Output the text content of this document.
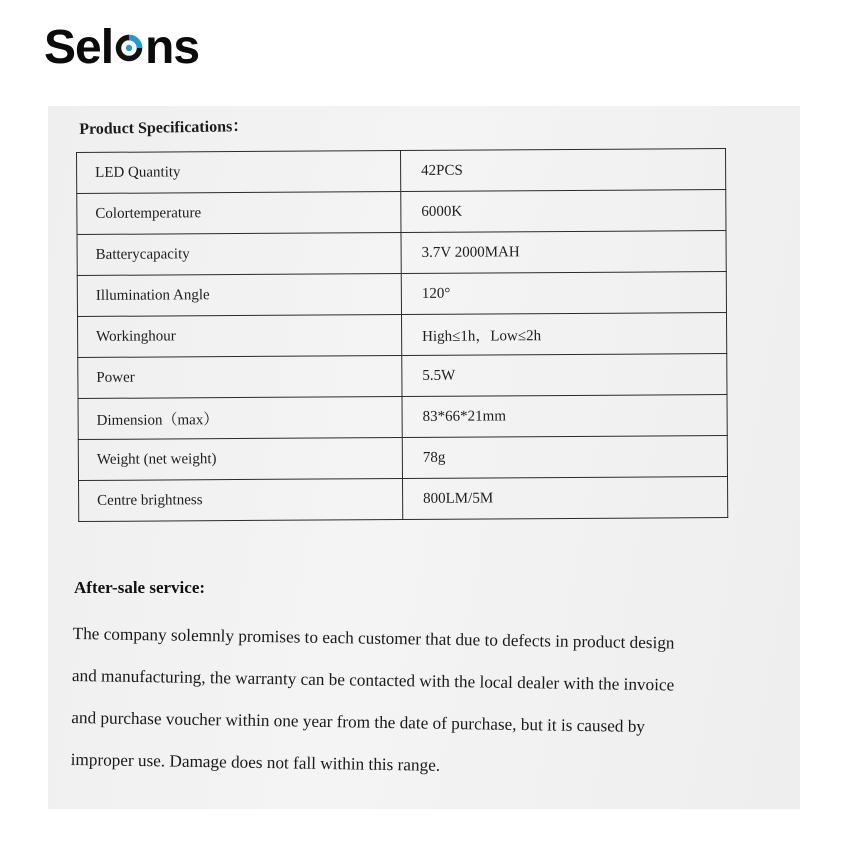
Sel ns
Product Specifications：
LED Quantity	42PCS
Colortemperature	6000K
Batterycapacity	3.7V 2000MAH
Illumination Angle	120°
Workinghour	High≤1h，Low≤2h
Power	5.5W
Dimension（max）	83*66*21mm
Weight (net weight)	78g
Centre brightness	800LM/5M
After-sale service:
The company solemnly promises to each customer that due to defects in product design
and manufacturing, the warranty can be contacted with the local dealer with the invoice
and purchase voucher within one year from the date of purchase, but it is caused by
improper use. Damage does not fall within this range.
